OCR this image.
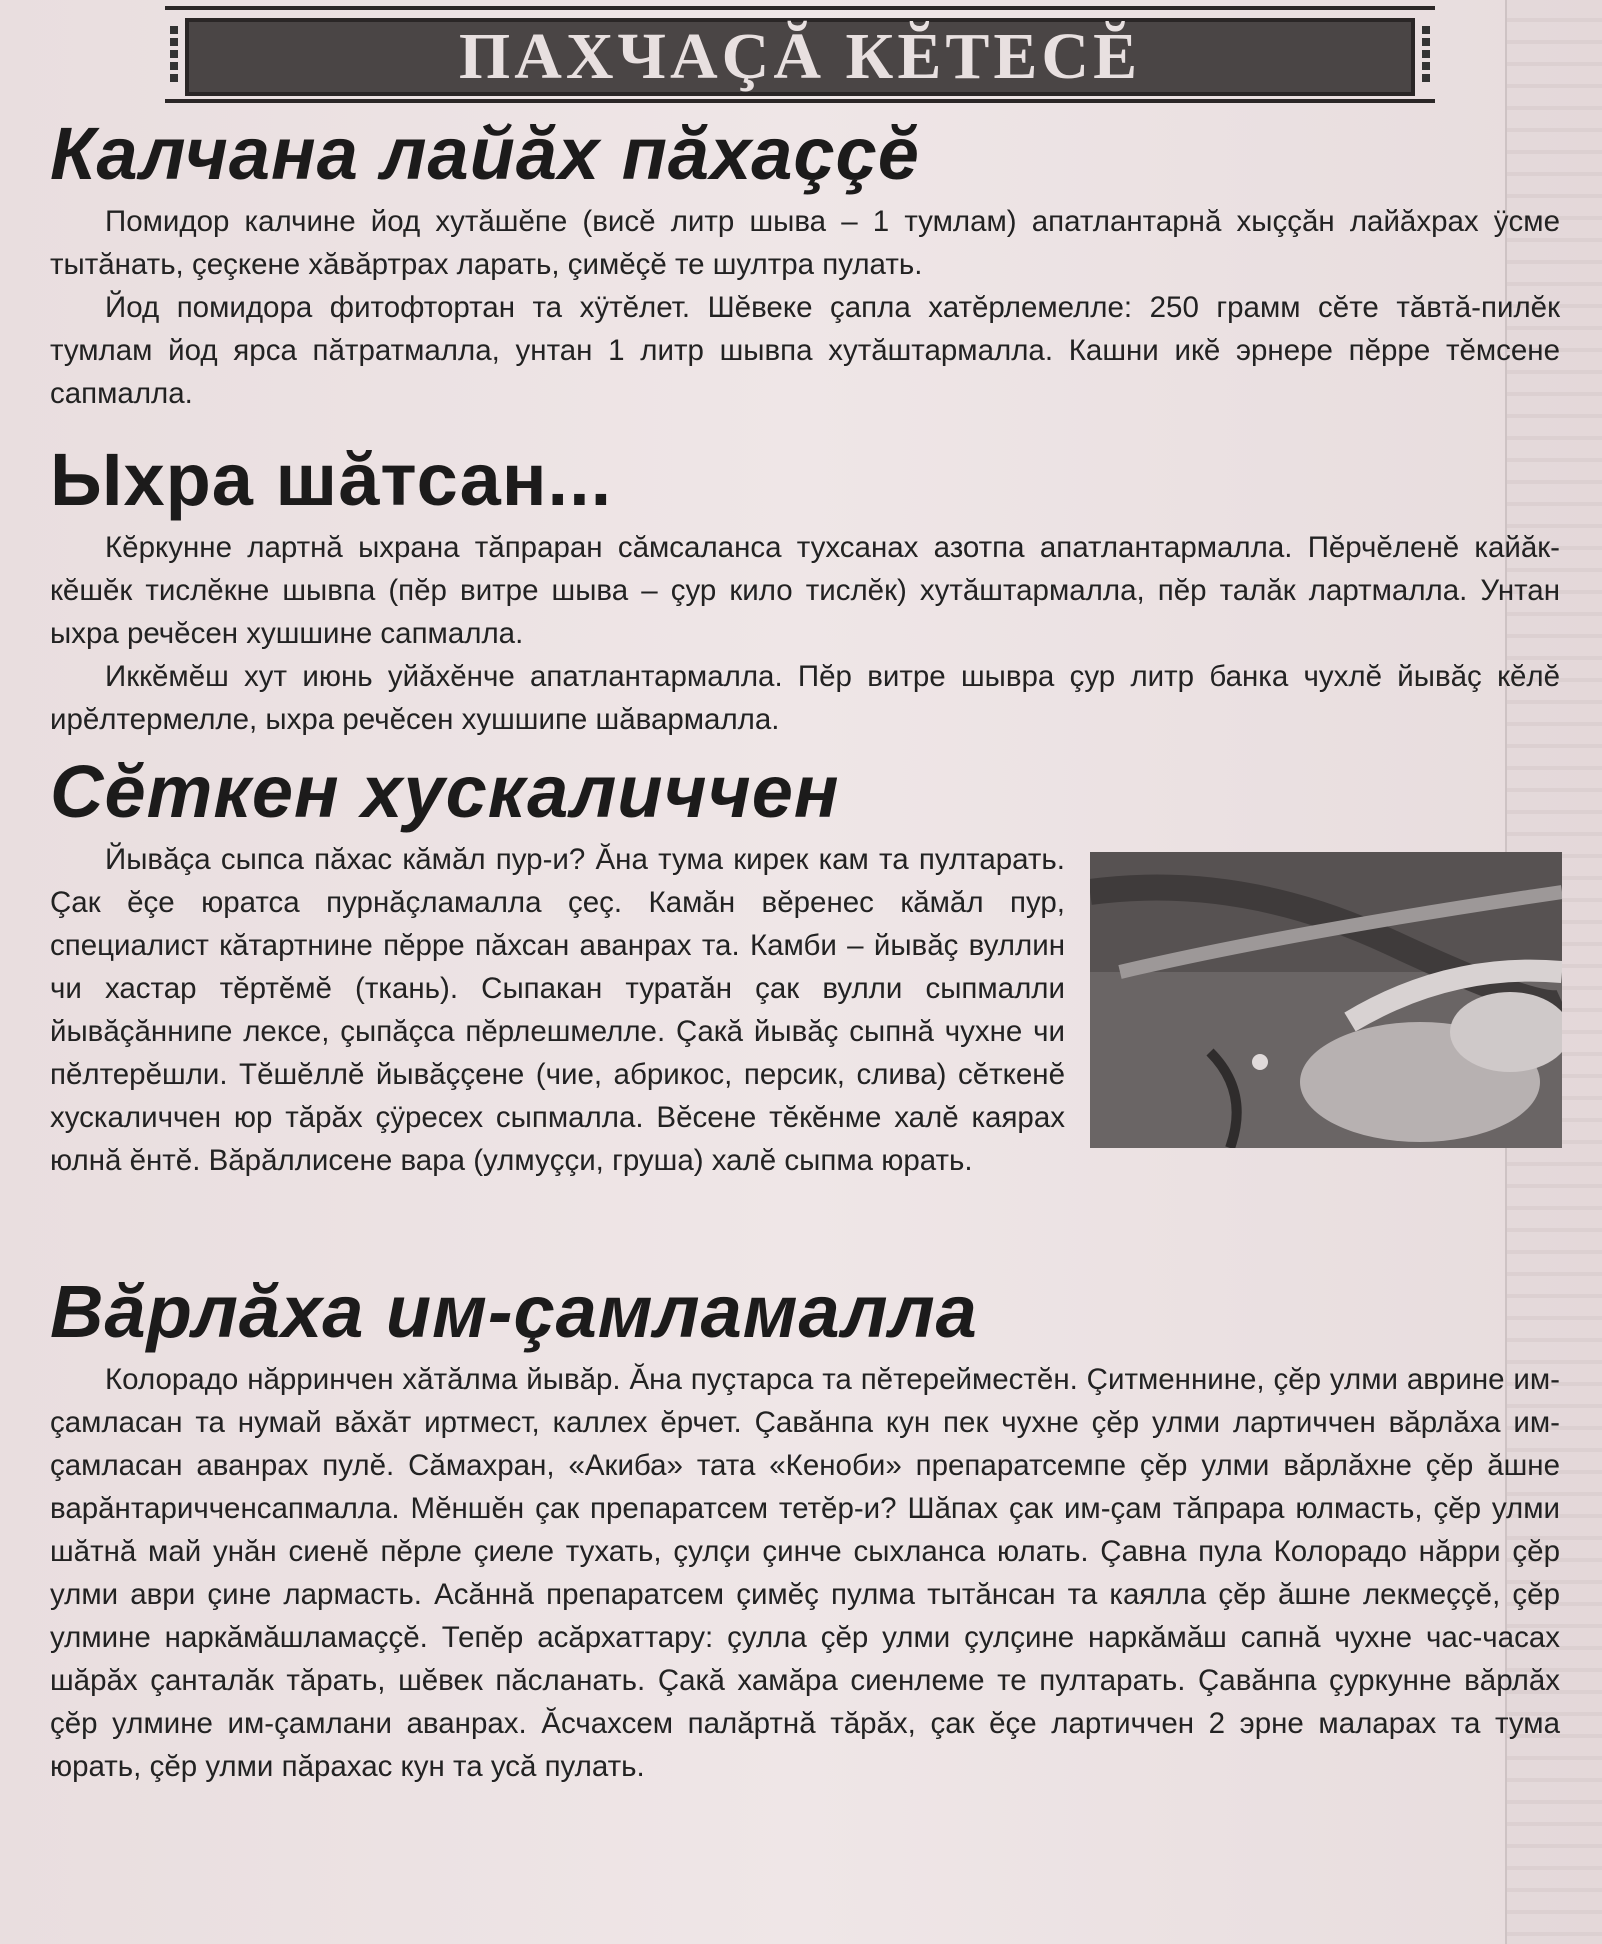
ПАХЧАÇĂ КĔТЕСĔ
Калчана лайăх пăхаççĕ

Помидор калчине йод хутăшĕпе (висĕ литр шыва – 1 тумлам) апатлантарнă хыççăн лайăхрах ÿсме тытăнать, çеçкене хăвăртрах ларать, çимĕçĕ те шултра пулать.

Йод помидора фитофтортан та хÿтĕлет. Шĕвеке çапла хатĕрлемелле: 250 грамм сĕте тăвтă-пилĕк тумлам йод ярса пăтратмалла, унтан 1 литр шывпа хутăштармалла. Кашни икĕ эрнере пĕрре тĕмсене сапмалла.

Ыхра шăтсан...

Кĕркунне лартнă ыхрана тăпраран сăмсаланса тухсанах азотпа апатлантармалла. Пĕрчĕленĕ кайăк-кĕшĕк тислĕкне шывпа (пĕр витре шыва – çур кило тислĕк) хутăштармалла, пĕр талăк лартмалла. Унтан ыхра речĕсен хушшине сапмалла.

Иккĕмĕш хут июнь уйăхĕнче апатлантармалла. Пĕр витре шывра çур литр банка чухлĕ йывăç кĕлĕ ирĕлтермелле, ыхра речĕсен хушшипе шăвармалла.

Сĕткен хускаличчен

Йывăçа сыпса пăхас кăмăл пур-и? Ăна тума кирек кам та пултарать. Çак ĕçе юратса пурнăçламалла çеç. Камăн вĕренес кăмăл пур, специалист кăтартнине пĕрре пăхсан аванрах та. Камби – йывăç вуллин чи хастар тĕртĕмĕ (ткань). Сыпакан туратăн çак вулли сыпмалли йывăçăннипе лексе, çыпăçса пĕрлешмелле. Çакă йывăç сыпнă чухне чи пĕлтерĕшли. Тĕшĕллĕ йывăççене (чие, абрикос, персик, слива) сĕткенĕ хускаличчен юр тăрăх çÿресех сыпмалла. Вĕсене тĕкĕнме халĕ каярах юлнă ĕнтĕ. Вăрăллисене вара (улмуççи, груша) халĕ сыпма юрать.

Вăрлăха им-çамламалла

Колорадо нăрринчен хăтăлма йывăр. Ăна пуçтарса та пĕтерейместĕн. Çитменнине, çĕр улми аврине им-çамласан та нумай вăхăт иртмест, каллех ĕрчет. Çавăнпа кун пек чухне çĕр улми лартиччен вăрлăха им-çамласан аванрах пулĕ. Сăмахран, «Акиба» тата «Кеноби» препаратсемпе çĕр улми вăрлăхне çĕр ăшне варăнтаричченсапмалла. Мĕншĕн çак препаратсем тетĕр-и? Шăпах çак им-çам тăпрара юлмасть, çĕр улми шăтнă май унăн сиенĕ пĕрле çиеле тухать, çулçи çинче сыхланса юлать. Çавна пула Колорадо нăрри çĕр улми аври çине лармасть. Асăннă препаратсем çимĕç пулма тытăнсан та каялла çĕр ăшне лекмеççĕ, çĕр улмине наркăмăшламаççĕ. Тепĕр асăрхаттару: çулла çĕр улми çулçине наркăмăш сапнă чухне час-часах шăрăх çанталăк тăрать, шĕвек пăсланать. Çакă хамăра сиенлеме те пултарать. Çавăнпа çуркунне вăрлăх çĕр улмине им-çамлани аванрах. Ăсчахсем палăртнă тăрăх, çак ĕçе лартиччен 2 эрне маларах та тума юрать, çĕр улми пăрахас кун та усă пулать.
